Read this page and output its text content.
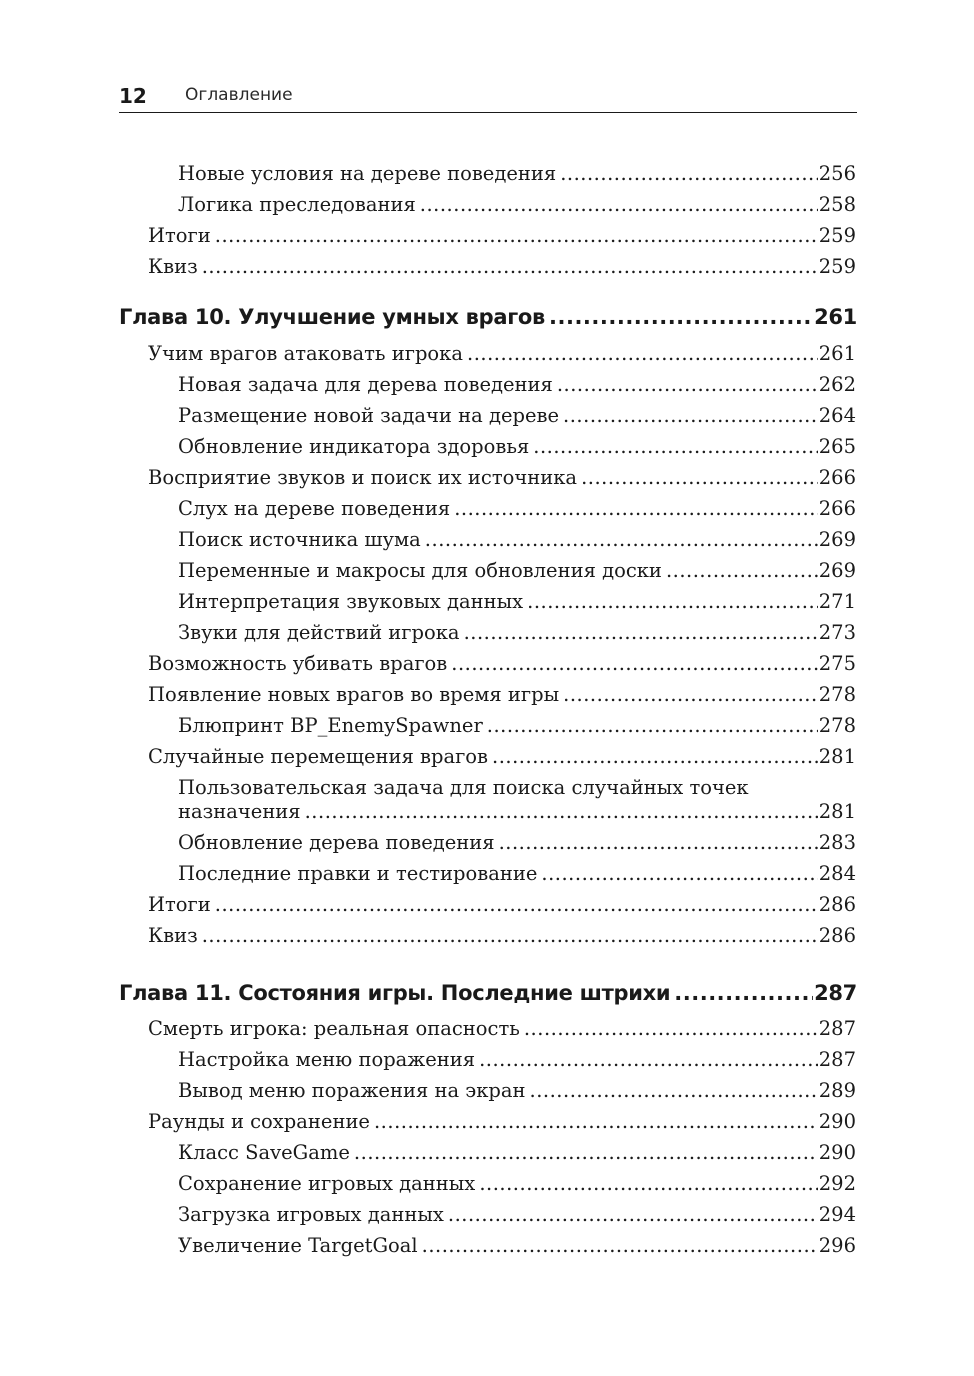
12 Оглавление
Новые условия на дереве поведения .....	256
Логика преследования .....	258
Итоги .....	259
Квиз .....	259
Глава 10. Улучшение умных врагов .....	261
Учим врагов атаковать игрока .....	261
Новая задача для дерева поведения .....	262
Размещение новой задачи на дереве .....	264
Обновление индикатора здоровья .....	265
Восприятие звуков и поиск их источника .....	266
Слух на дереве поведения .....	266
Поиск источника шума .....	269
Переменные и макросы для обновления доски .....	269
Интерпретация звуковых данных .....	271
Звуки для действий игрока .....	273
Возможность убивать врагов .....	275
Появление новых врагов во время игры .....	278
Блюпринт BP_EnemySpawner .....	278
Случайные перемещения врагов .....	281
Пользовательская задача для поиска случайных точек
назначения .....	281
Обновление дерева поведения .....	283
Последние правки и тестирование .....	284
Итоги .....	286
Квиз .....	286
Глава 11. Состояния игры. Последние штрихи .....	287
Смерть игрока: реальная опасность .....	287
Настройка меню поражения .....	287
Вывод меню поражения на экран .....	289
Раунды и сохранение .....	290
Класс SaveGame .....	290
Сохранение игровых данных .....	292
Загрузка игровых данных .....	294
Увеличение TargetGoal .....	296
